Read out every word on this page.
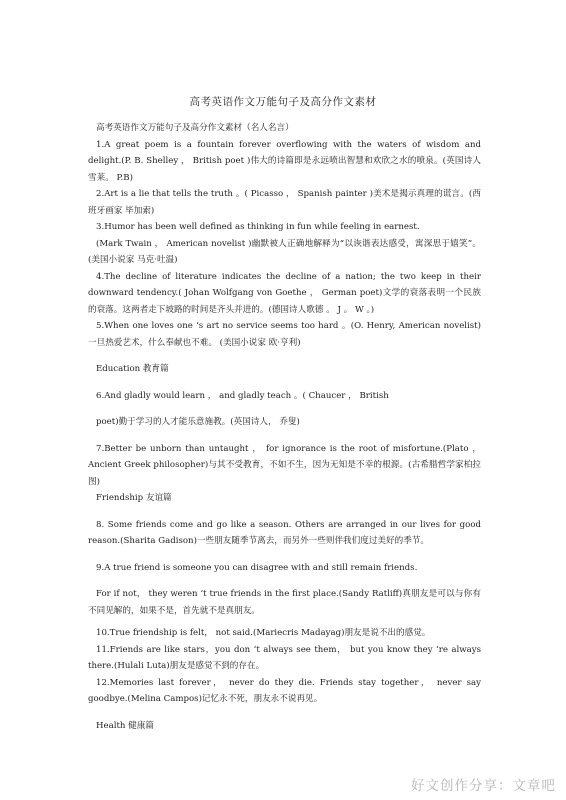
高考英语作文万能句子及高分作文素材

高考英语作文万能句子及高分作文素材（名人名言）

1.A great poem is a fountain forever overflowing with the waters of wisdom and delight.(P. B. Shelley ， British poet )伟大的诗篇即是永远喷出智慧和欢欣之水的喷泉。(英国诗人雪莱。 P.B)

2.Art is a lie that tells the truth 。( Picasso ， Spanish painter )美术是揭示真理的谎言。(西班牙画家 毕加索)

3.Humor has been well defined as thinking in fun while feeling in earnest.

(Mark Twain ， American novelist )幽默被人正确地解释为“以诙谐表达感受，寓深思于嬉笑”。(美国小说家 马克·吐温)

4.The decline of literature indicates the decline of a nation; the two keep in their downward tendency.( Johan Wolfgang von Goethe ， German poet)文学的衰落表明一个民族的衰落。这两者走下坡路的时间是齐头并进的。(德国诗人歌德 。 J 。 W 。)

5.When one loves one ‘s art no service seems too hard 。(O. Henry, American novelist)一旦热爱艺术，什么奉献也不难。 (美国小说家 欧·亨利)

Education 教育篇

6.And gladly would learn ， and gladly teach 。( Chaucer ， British

poet)勤于学习的人才能乐意施教。(英国诗人， 乔叟)

7.Better be unborn than untaught ， for ignorance is the root of misfortune.(Plato ， Ancient Greek philosopher)与其不受教育，不如不生，因为无知是不幸的根源。(古希腊哲学家柏拉图)

Friendship 友谊篇

8. Some friends come and go like a season. Others are arranged in our lives for good reason.(Sharita Gadison)一些朋友随季节离去，而另外一些则伴我们度过美好的季节。

9.A true friend is someone you can disagree with and still remain friends.

For if not， they weren ‘t true friends in the first place.(Sandy Ratliff)真朋友是可以与你有不同见解的，如果不是，首先就不是真朋友。

10.True friendship is felt， not said.(Mariecris Madayag)朋友是说不出的感觉。

11.Friends are like stars，you don ‘t always see them， but you know they ‘re always there.(Hulali Luta)朋友是感觉不到的存在。

12.Memories last forever， never do they die. Friends stay together， never say goodbye.(Melina Campos)记忆永不死，朋友永不说再见。

Health 健康篇

好文创作分享：文章吧
